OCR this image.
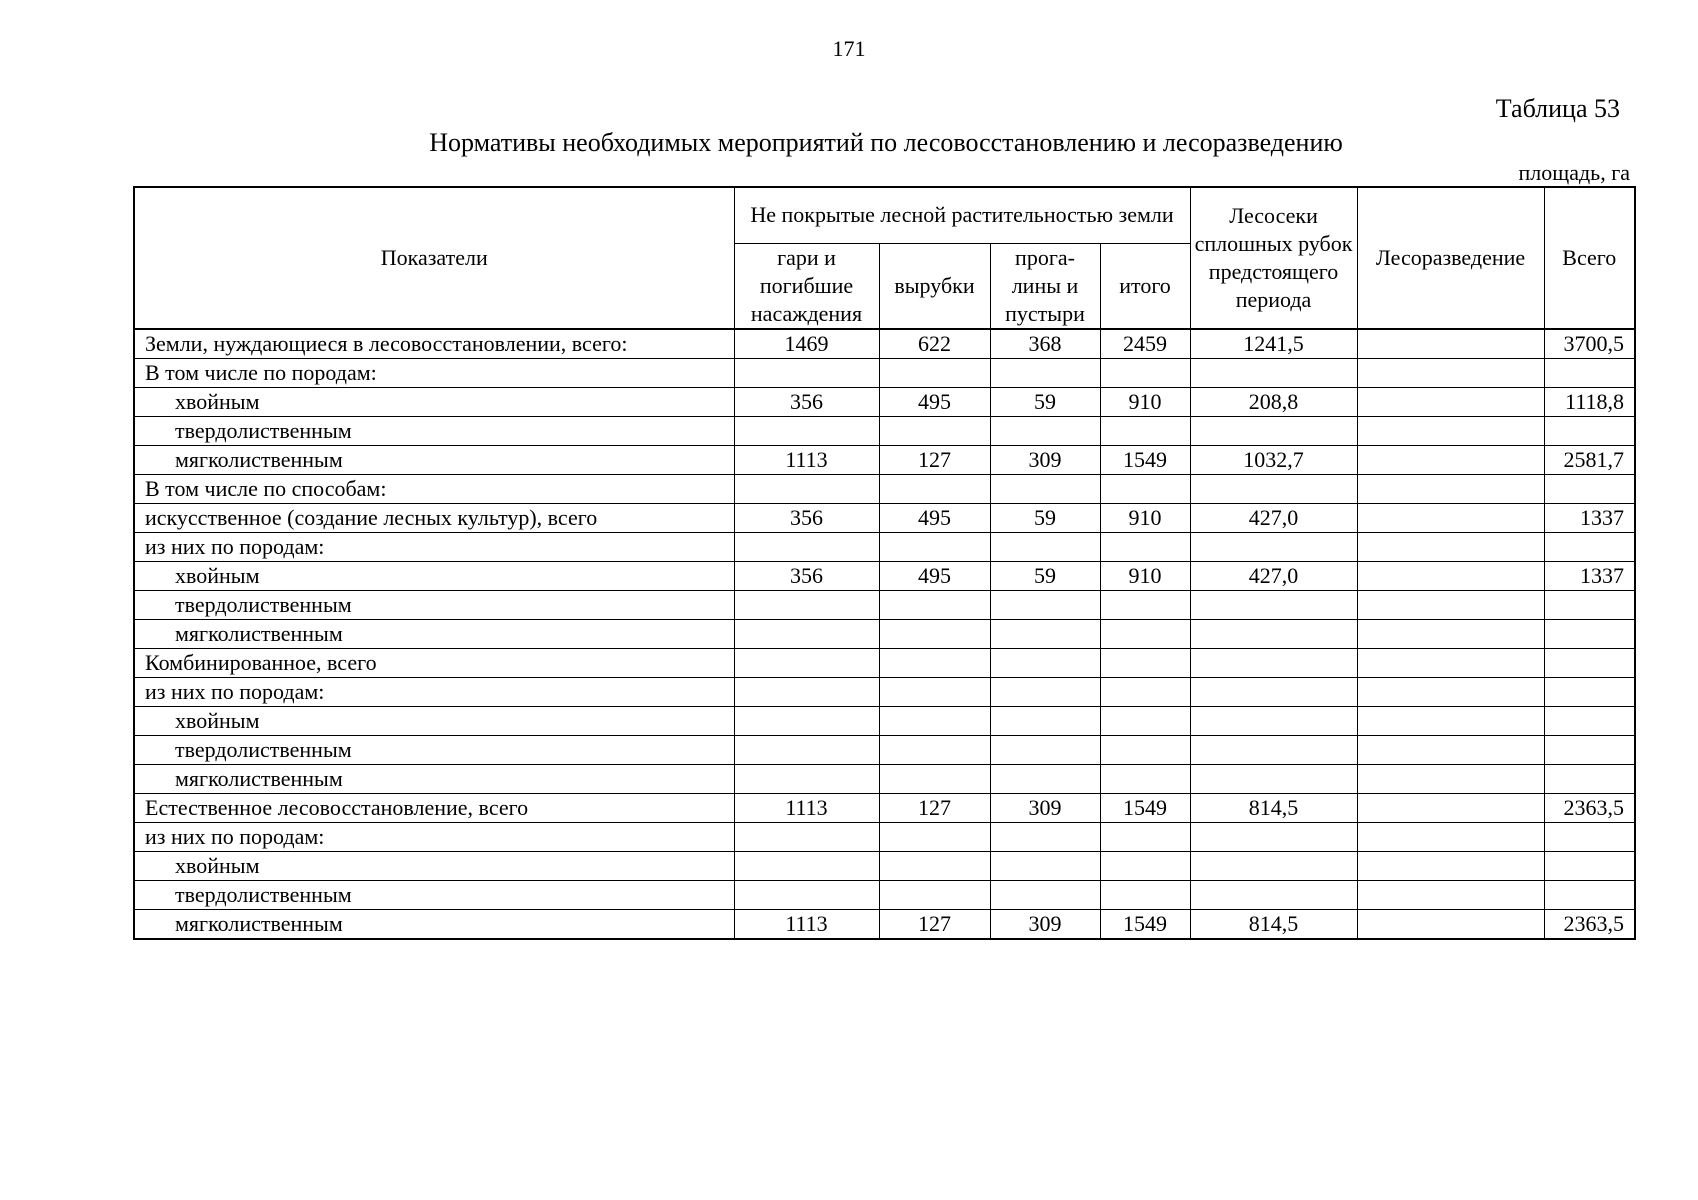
171
Таблица 53
Нормативы необходимых мероприятий по лесовосстановлению и лесоразведению
площадь, га
Показатели	Не покрытые лесной растительностью земли				Лесосеки сплошных рубок предстоящего периода	Лесоразведение	Всего
	гари и погибшие насаждения	вырубки	прога-лины и пустыри	итого			
Земли, нуждающиеся в лесовосстановлении, всего:	1469	622	368	2459	1241,5		3700,5
В том числе по породам:							
хвойным	356	495	59	910	208,8		1118,8
твердолиственным							
мягколиственным	1113	127	309	1549	1032,7		2581,7
В том числе по способам:							
искусственное (создание лесных культур), всего	356	495	59	910	427,0		1337
из них по породам:							
хвойным	356	495	59	910	427,0		1337
твердолиственным							
мягколиственным							
Комбинированное, всего							
из них по породам:							
хвойным							
твердолиственным							
мягколиственным							
Естественное лесовосстановление, всего	1113	127	309	1549	814,5		2363,5
из них по породам:							
хвойным							
твердолиственным							
мягколиственным	1113	127	309	1549	814,5		2363,5
